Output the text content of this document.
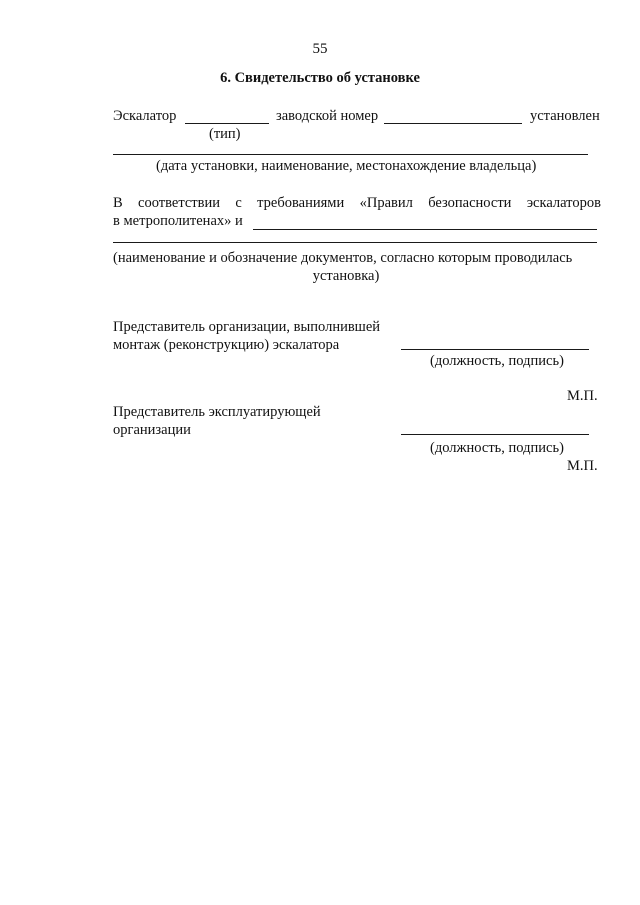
55
6. Свидетельство об установке
Эскалатор	заводской номер	установлен
(тип)
(дата установки, наименование, местонахождение владельца)
В соответствии с требованиями «Правил безопасности эскалаторов
в метрополитенах» и
(наименование и обозначение документов, согласно которым проводилась
установка)
Представитель организации, выполнившей
монтаж (реконструкцию) эскалатора
(должность, подпись)
М.П.
Представитель эксплуатирующей
организации
(должность, подпись)
М.П.
